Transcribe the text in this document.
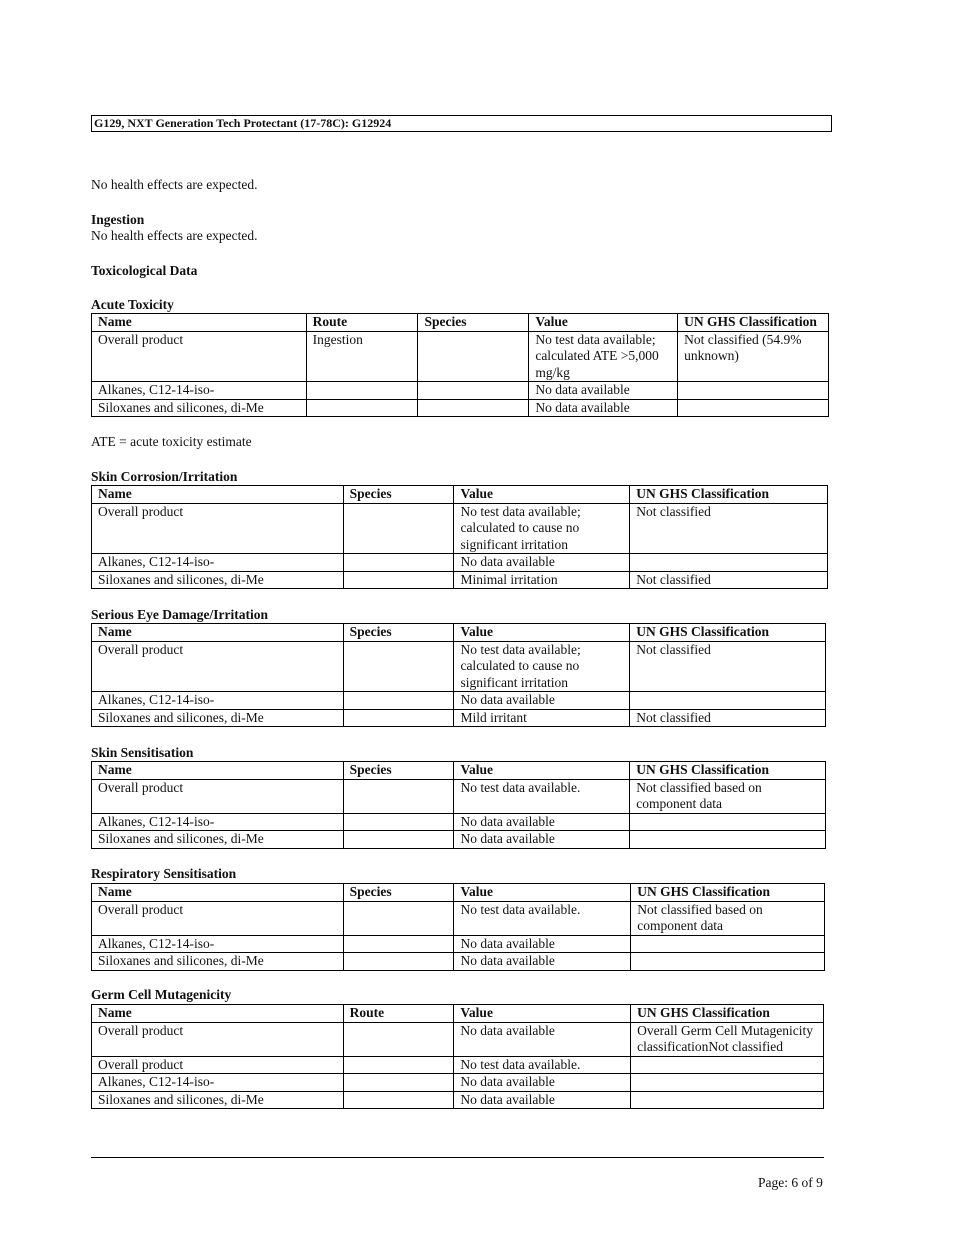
G129, NXT Generation Tech Protectant (17-78C): G12924
No health effects are expected.
Ingestion
No health effects are expected.
Toxicological Data
Acute Toxicity
Name	Route	Species	Value	UN GHS Classification
Overall product	Ingestion		No test data available; calculated ATE >5,000 mg/kg	Not classified (54.9% unknown)
Alkanes, C12-14-iso-			No data available	
Siloxanes and silicones, di-Me			No data available	
ATE = acute toxicity estimate
Skin Corrosion/Irritation
Name	Species	Value	UN GHS Classification
Overall product		No test data available; calculated to cause no significant irritation	Not classified
Alkanes, C12-14-iso-		No data available	
Siloxanes and silicones, di-Me		Minimal irritation	Not classified
Serious Eye Damage/Irritation
Name	Species	Value	UN GHS Classification
Overall product		No test data available; calculated to cause no significant irritation	Not classified
Alkanes, C12-14-iso-		No data available	
Siloxanes and silicones, di-Me		Mild irritant	Not classified
Skin Sensitisation
Name	Species	Value	UN GHS Classification
Overall product		No test data available.	Not classified based on component data
Alkanes, C12-14-iso-		No data available	
Siloxanes and silicones, di-Me		No data available	
Respiratory Sensitisation
Name	Species	Value	UN GHS Classification
Overall product		No test data available.	Not classified based on component data
Alkanes, C12-14-iso-		No data available	
Siloxanes and silicones, di-Me		No data available	
Germ Cell Mutagenicity
Name	Route	Value	UN GHS Classification
Overall product		No data available	Overall Germ Cell Mutagenicity classificationNot classified
Overall product		No test data available.	
Alkanes, C12-14-iso-		No data available	
Siloxanes and silicones, di-Me		No data available	
Page: 6 of 9
